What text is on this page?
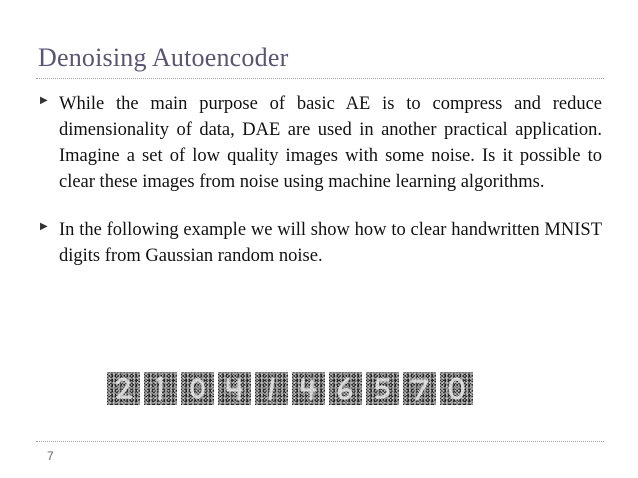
Denoising Autoencoder
▶ While the main purpose of basic AE is to compress and reduce dimensionality of data, DAE are used in another practical application. Imagine a set of low quality images with some noise. Is it possible to clear these images from noise using machine learning algorithms.

▶ In the following example we will show how to clear handwritten MNIST digits from Gaussian random noise.

7
